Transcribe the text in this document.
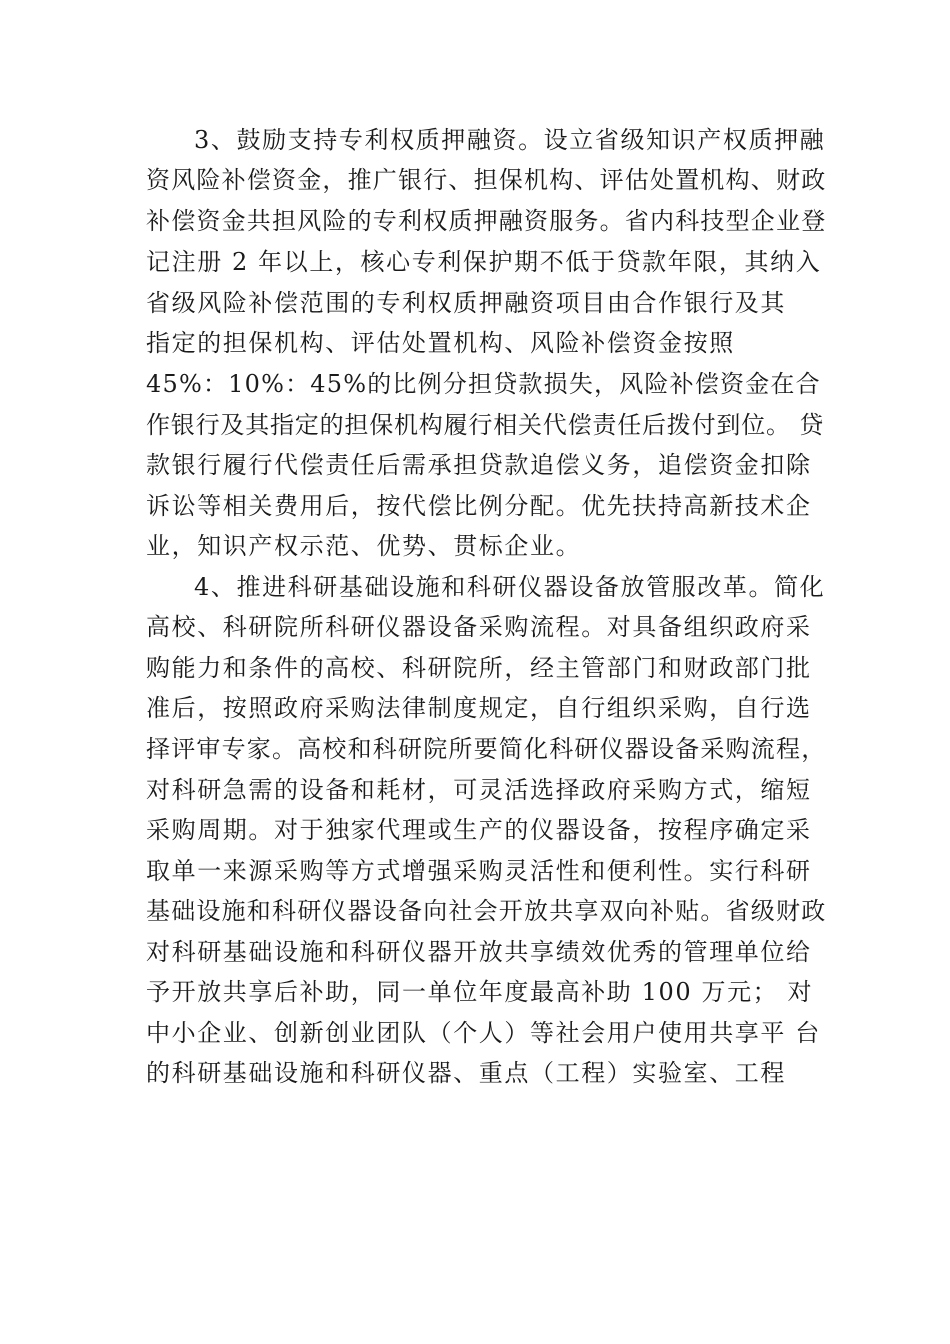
3、鼓励支持专利权质押融资。设立省级知识产权质押融
资风险补偿资金，推广银行、担保机构、评估处置机构、财政
补偿资金共担风险的专利权质押融资服务。省内科技型企业登
记注册 2 年以上，核心专利保护期不低于贷款年限，其纳入
省级风险补偿范围的专利权质押融资项目由合作银行及其
指定的担保机构、评估处置机构、风险补偿资金按照
45%：10%：45%的比例分担贷款损失，风险补偿资金在合
作银行及其指定的担保机构履行相关代偿责任后拨付到位。 贷
款银行履行代偿责任后需承担贷款追偿义务，追偿资金扣除
诉讼等相关费用后，按代偿比例分配。优先扶持高新技术企
业，知识产权示范、优势、贯标企业。
4、推进科研基础设施和科研仪器设备放管服改革。简化
高校、科研院所科研仪器设备采购流程。对具备组织政府采
购能力和条件的高校、科研院所，经主管部门和财政部门批
准后，按照政府采购法律制度规定，自行组织采购，自行选
择评审专家。高校和科研院所要简化科研仪器设备采购流程，
对科研急需的设备和耗材，可灵活选择政府采购方式，缩短
采购周期。对于独家代理或生产的仪器设备，按程序确定采
取单一来源采购等方式增强采购灵活性和便利性。实行科研
基础设施和科研仪器设备向社会开放共享双向补贴。省级财政
对科研基础设施和科研仪器开放共享绩效优秀的管理单位给
予开放共享后补助，同一单位年度最高补助 100 万元； 对
中小企业、创新创业团队（个人）等社会用户使用共享平 台
的科研基础设施和科研仪器、重点（工程）实验室、工程
